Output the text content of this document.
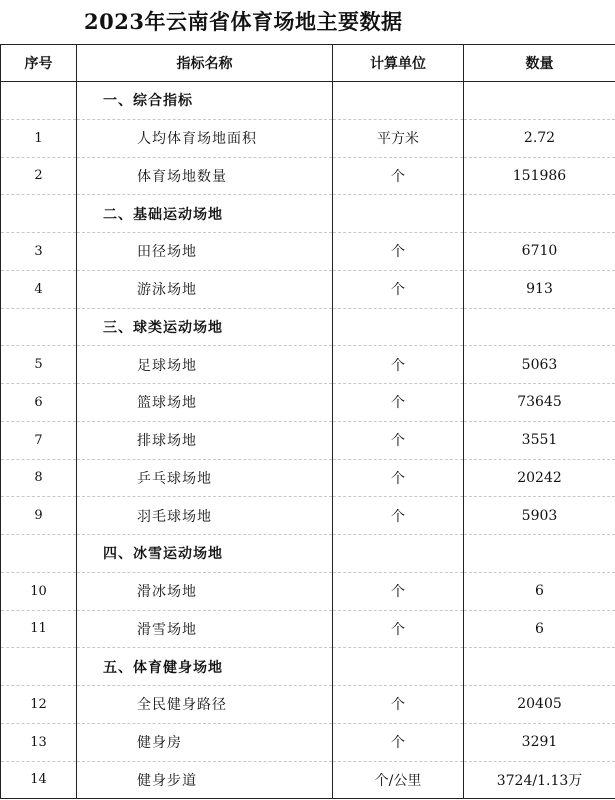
2023年云南省体育场地主要数据
序号	指标名称	计算单位	数量
	一、综合指标		
1	人均体育场地面积	平方米	2.72
2	体育场地数量	个	151986
	二、基础运动场地		
3	田径场地	个	6710
4	游泳场地	个	913
	三、球类运动场地		
5	足球场地	个	5063
6	篮球场地	个	73645
7	排球场地	个	3551
8	乒乓球场地	个	20242
9	羽毛球场地	个	5903
	四、冰雪运动场地		
10	滑冰场地	个	6
11	滑雪场地	个	6
	五、体育健身场地		
12	全民健身路径	个	20405
13	健身房	个	3291
14	健身步道	个/公里	3724/1.13万
